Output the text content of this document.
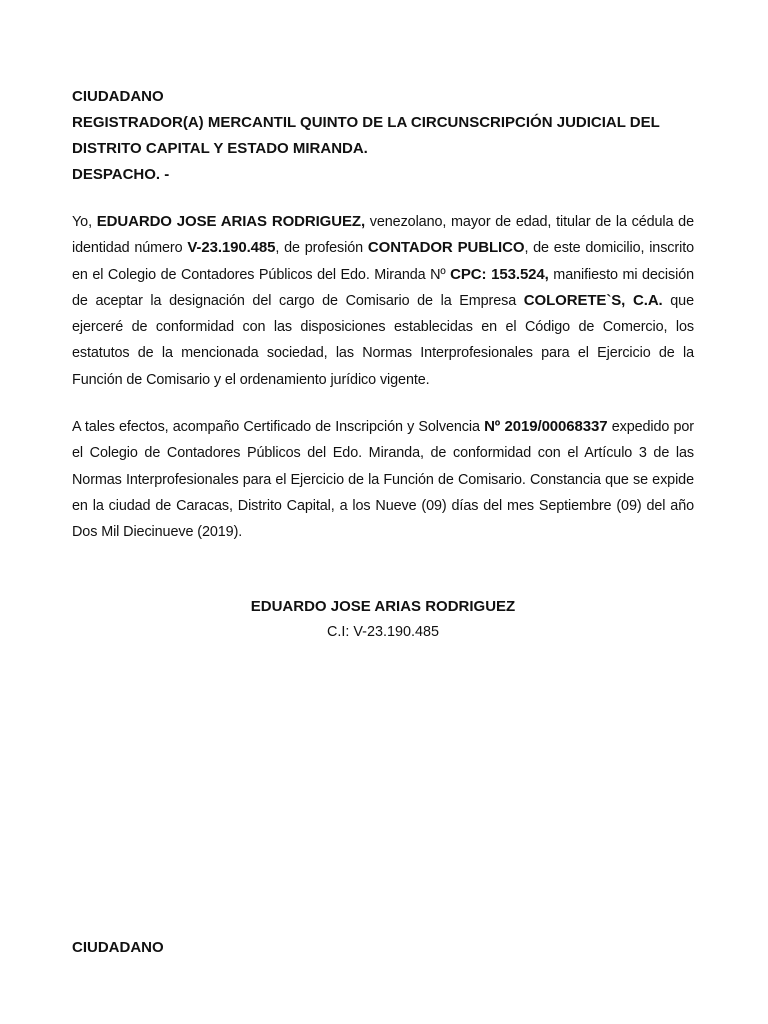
CIUDADANO
REGISTRADOR(A) MERCANTIL QUINTO DE LA CIRCUNSCRIPCIÓN JUDICIAL DEL
DISTRITO CAPITAL Y ESTADO MIRANDA.
DESPACHO. -
Yo, EDUARDO JOSE ARIAS RODRIGUEZ, venezolano, mayor de edad, titular de la cédula de identidad número V-23.190.485, de profesión CONTADOR PUBLICO, de este domicilio, inscrito en el Colegio de Contadores Públicos del Edo. Miranda Nº CPC: 153.524, manifiesto mi decisión de aceptar la designación del cargo de Comisario de la Empresa COLORETE`S, C.A. que ejerceré de conformidad con las disposiciones establecidas en el Código de Comercio, los estatutos de la mencionada sociedad, las Normas Interprofesionales para el Ejercicio de la Función de Comisario y el ordenamiento jurídico vigente.
A tales efectos, acompaño Certificado de Inscripción y Solvencia Nº 2019/00068337 expedido por el Colegio de Contadores Públicos del Edo. Miranda, de conformidad con el Artículo 3 de las Normas Interprofesionales para el Ejercicio de la Función de Comisario. Constancia que se expide en la ciudad de Caracas, Distrito Capital, a los Nueve (09) días del mes Septiembre (09) del año Dos Mil Diecinueve (2019).
EDUARDO JOSE ARIAS RODRIGUEZ
C.I: V-23.190.485
CIUDADANO
